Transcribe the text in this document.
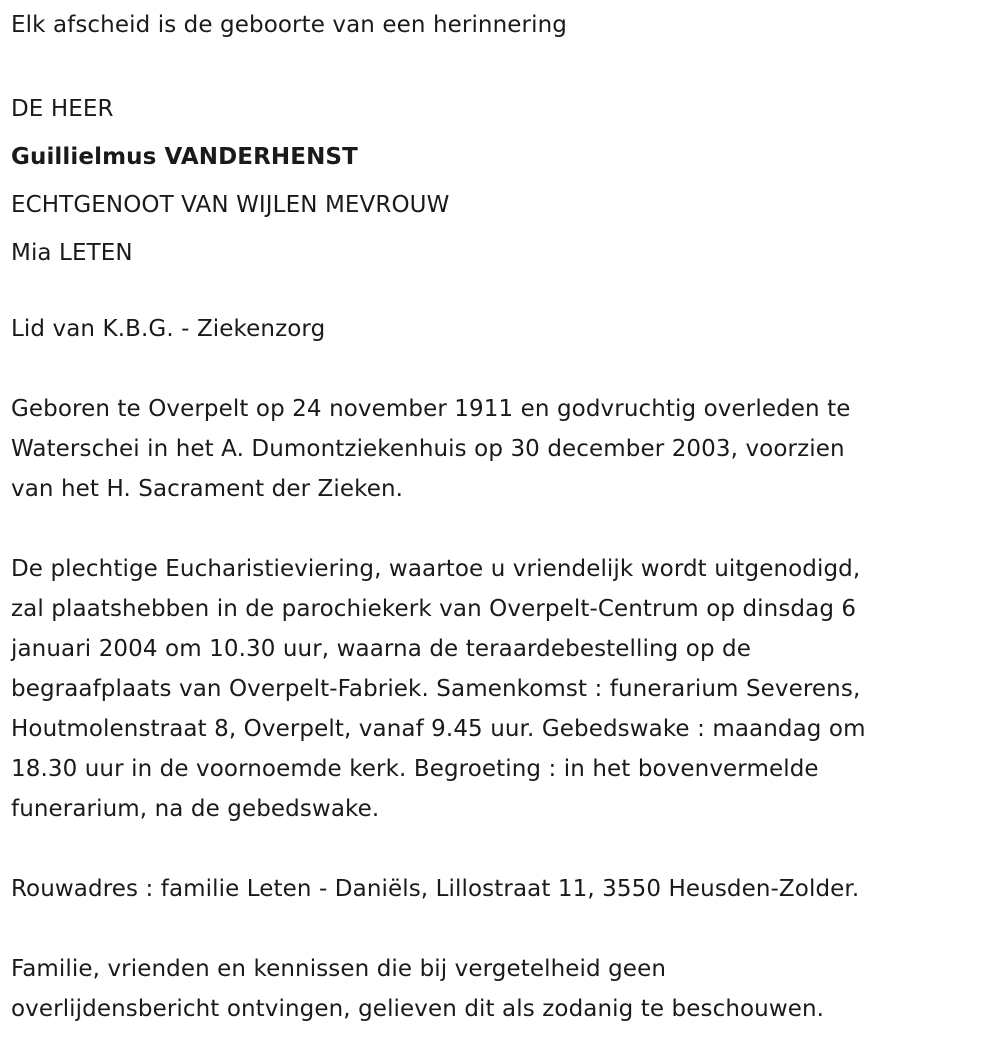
Elk afscheid is de geboorte van een herinnering
DE HEER
Guillielmus VANDERHENST
ECHTGENOOT VAN WIJLEN MEVROUW
Mia LETEN
Lid van K.B.G. - Ziekenzorg
Geboren te Overpelt op 24 november 1911 en godvruchtig overleden te
Waterschei in het A. Dumontziekenhuis op 30 december 2003, voorzien
van het H. Sacrament der Zieken.
De plechtige Eucharistieviering, waartoe u vriendelijk wordt uitgenodigd,
zal plaatshebben in de parochiekerk van Overpelt-Centrum op dinsdag 6
januari 2004 om 10.30 uur, waarna de teraardebestelling op de
begraafplaats van Overpelt-Fabriek. Samenkomst : funerarium Severens,
Houtmolenstraat 8, Overpelt, vanaf 9.45 uur. Gebedswake : maandag om
18.30 uur in de voornoemde kerk. Begroeting : in het bovenvermelde
funerarium, na de gebedswake.
Rouwadres : familie Leten - Daniëls, Lillostraat 11, 3550 Heusden-Zolder.
Familie, vrienden en kennissen die bij vergetelheid geen
overlijdensbericht ontvingen, gelieven dit als zodanig te beschouwen.
